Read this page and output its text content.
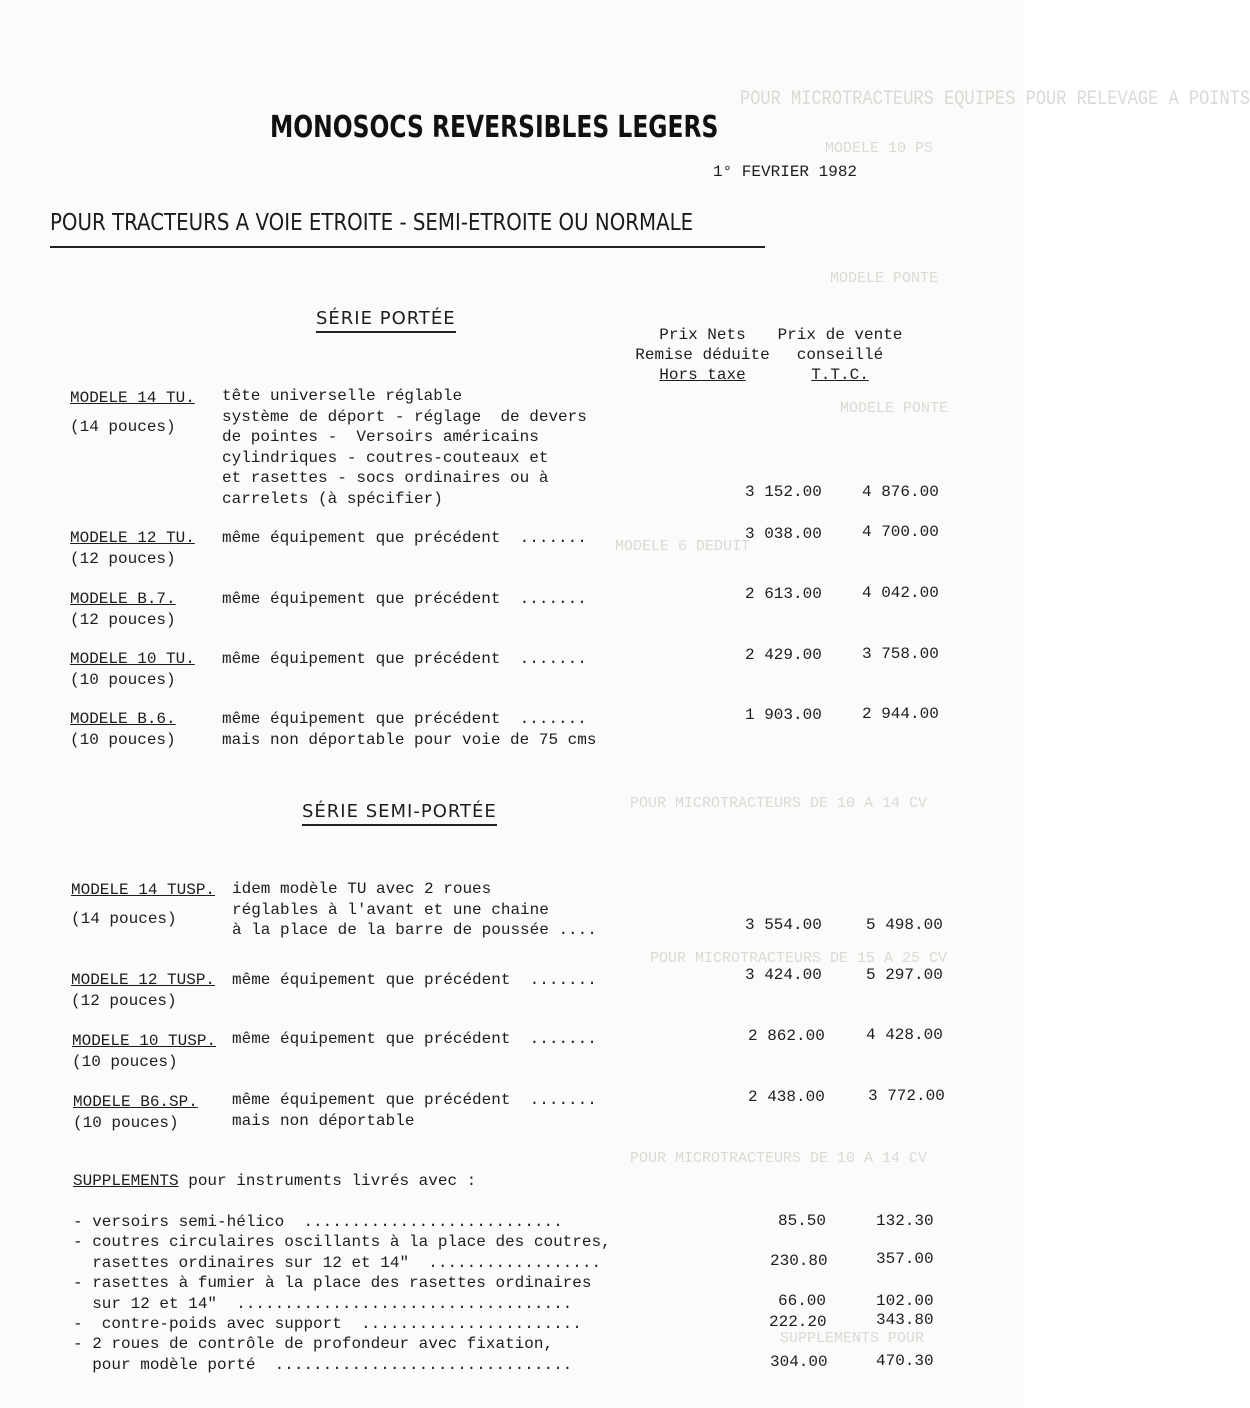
POUR MICROTRACTEURS EQUIPES POUR RELEVAGE A POINTS
MODELE 10 PS
MODELE PONTE
MODELE PONTE
MODELE 6 DEDUIT
POUR MICROTRACTEURS DE 10 A 14 CV
POUR MICROTRACTEURS DE 15 A 25 CV
POUR MICROTRACTEURS DE 10 A 14 CV
SUPPLEMENTS POUR
MONOSOCS REVERSIBLES LEGERS
1° FEVRIER 1982
POUR TRACTEURS A VOIE ETROITE - SEMI-ETROITE OU NORMALE
SÉRIE PORTÉE
Prix Nets
Remise déduite
Hors taxe
Prix de vente
conseillé
T.T.C.
MODELE 14 TU.
(14 pouces)
tête universelle réglable
système de déport - réglage  de devers
de pointes -  Versoirs américains
cylindriques - coutres-couteaux et
et rasettes - socs ordinaires ou à
carrelets (à spécifier)	3 152.00	4 876.00
MODELE 12 TU.
(12 pouces)
même équipement que précédent  .......	3 038.00	4 700.00
MODELE B.7.
(12 pouces)
même équipement que précédent  .......	2 613.00	4 042.00
MODELE 10 TU.
(10 pouces)
même équipement que précédent  .......	2 429.00	3 758.00
MODELE B.6.
(10 pouces)
même équipement que précédent  .......
mais non déportable pour voie de 75 cms
1 903.00	2 944.00
SÉRIE SEMI-PORTÉE
MODELE 14 TUSP.
(14 pouces)
idem modèle TU avec 2 roues
réglables à l'avant et une chaine
à la place de la barre de poussée ....	3 554.00	5 498.00
MODELE 12 TUSP.
(12 pouces)
même équipement que précédent  .......	3 424.00	5 297.00
MODELE 10 TUSP.
(10 pouces)
même équipement que précédent  .......	2 862.00	4 428.00
MODELE B6.SP.
(10 pouces)
même équipement que précédent  .......
mais non déportable
2 438.00	3 772.00
SUPPLEMENTS pour instruments livrés avec :
- versoirs semi-hélico  ...........................	85.50	132.30
- coutres circulaires oscillants à la place des coutres,
rasettes ordinaires sur 12 et 14"  ..................	230.80	357.00
- rasettes à fumier à la place des rasettes ordinaires
sur 12 et 14"  ...................................	66.00	102.00
-  contre-poids avec support  .......................	222.20	343.80
- 2 roues de contrôle de profondeur avec fixation,
pour modèle porté  ...............................	304.00	470.30
